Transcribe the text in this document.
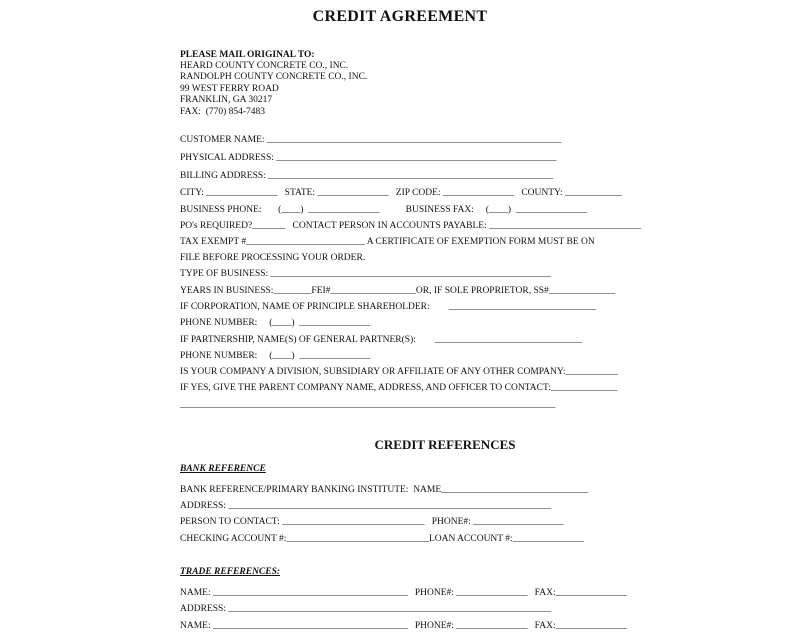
CREDIT AGREEMENT
PLEASE MAIL ORIGINAL TO:
HEARD COUNTY CONCRETE CO., INC.
RANDOLPH COUNTY CONCRETE CO., INC.
99 WEST FERRY ROAD
FRANKLIN, GA 30217
FAX:  (770) 854-7483
CUSTOMER NAME: ______________________________________________________________
PHYSICAL ADDRESS: ___________________________________________________________
BILLING ADDRESS: ____________________________________________________________
CITY: _______________   STATE: _______________   ZIP CODE: _______________   COUNTY: ____________
BUSINESS PHONE:       (____)  _______________           BUSINESS FAX:     (____)  _______________
PO's REQUIRED?_______   CONTACT PERSON IN ACCOUNTS PAYABLE: ________________________________
TAX EXEMPT #_________________________ A CERTIFICATE OF EXEMPTION FORM MUST BE ON
FILE BEFORE PROCESSING YOUR ORDER.
TYPE OF BUSINESS: ___________________________________________________________
YEARS IN BUSINESS:________FEI#__________________OR, IF SOLE PROPRIETOR, SS#______________
IF CORPORATION, NAME OF PRINCIPLE SHAREHOLDER:        _______________________________
PHONE NUMBER:     (____)  _______________
IF PARTNERSHIP, NAME(S) OF GENERAL PARTNER(S):        _______________________________
PHONE NUMBER:     (____)  _______________
IS YOUR COMPANY A DIVISION, SUBSIDIARY OR AFFILIATE OF ANY OTHER COMPANY:___________
IF YES, GIVE THE PARENT COMPANY NAME, ADDRESS, AND OFFICER TO CONTACT:______________
_______________________________________________________________________________
CREDIT REFERENCES
BANK REFERENCE
BANK REFERENCE/PRIMARY BANKING INSTITUTE:  NAME_______________________________
ADDRESS: ____________________________________________________________________
PERSON TO CONTACT: ______________________________   PHONE#: ___________________
CHECKING ACCOUNT #:______________________________LOAN ACCOUNT #:_______________
TRADE REFERENCES:
NAME: _________________________________________   PHONE#: _______________   FAX:_______________
ADDRESS: ____________________________________________________________________
NAME: _________________________________________   PHONE#: _______________   FAX:_______________
